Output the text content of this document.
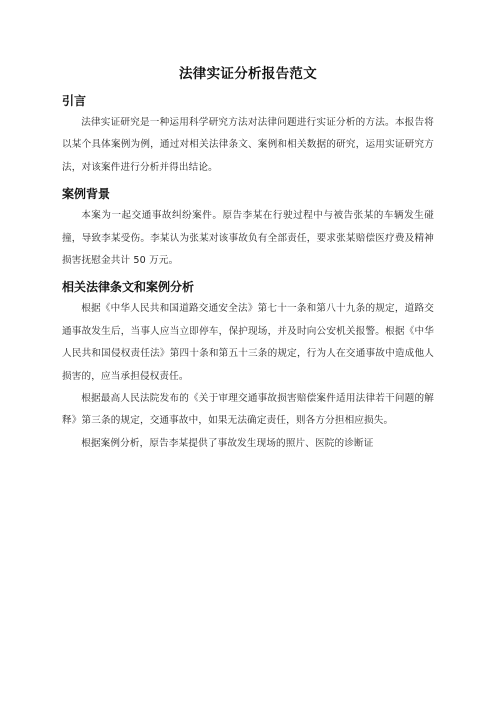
法律实证分析报告范文
引言

法律实证研究是一种运用科学研究方法对法律问题进行实证分析的方法。本报告将以某个具体案例为例，通过对相关法律条文、案例和相关数据的研究，运用实证研究方法，对该案件进行分析并得出结论。

案例背景

本案为一起交通事故纠纷案件。原告李某在行驶过程中与被告张某的车辆发生碰撞，导致李某受伤。李某认为张某对该事故负有全部责任，要求张某赔偿医疗费及精神损害抚慰金共计 50 万元。

相关法律条文和案例分析

根据《中华人民共和国道路交通安全法》第七十一条和第八十九条的规定，道路交通事故发生后，当事人应当立即停车，保护现场，并及时向公安机关报警。根据《中华人民共和国侵权责任法》第四十条和第五十三条的规定，行为人在交通事故中造成他人损害的，应当承担侵权责任。

根据最高人民法院发布的《关于审理交通事故损害赔偿案件适用法律若干问题的解释》第三条的规定，交通事故中，如果无法确定责任，则各方分担相应损失。

根据案例分析，原告李某提供了事故发生现场的照片、医院的诊断证
